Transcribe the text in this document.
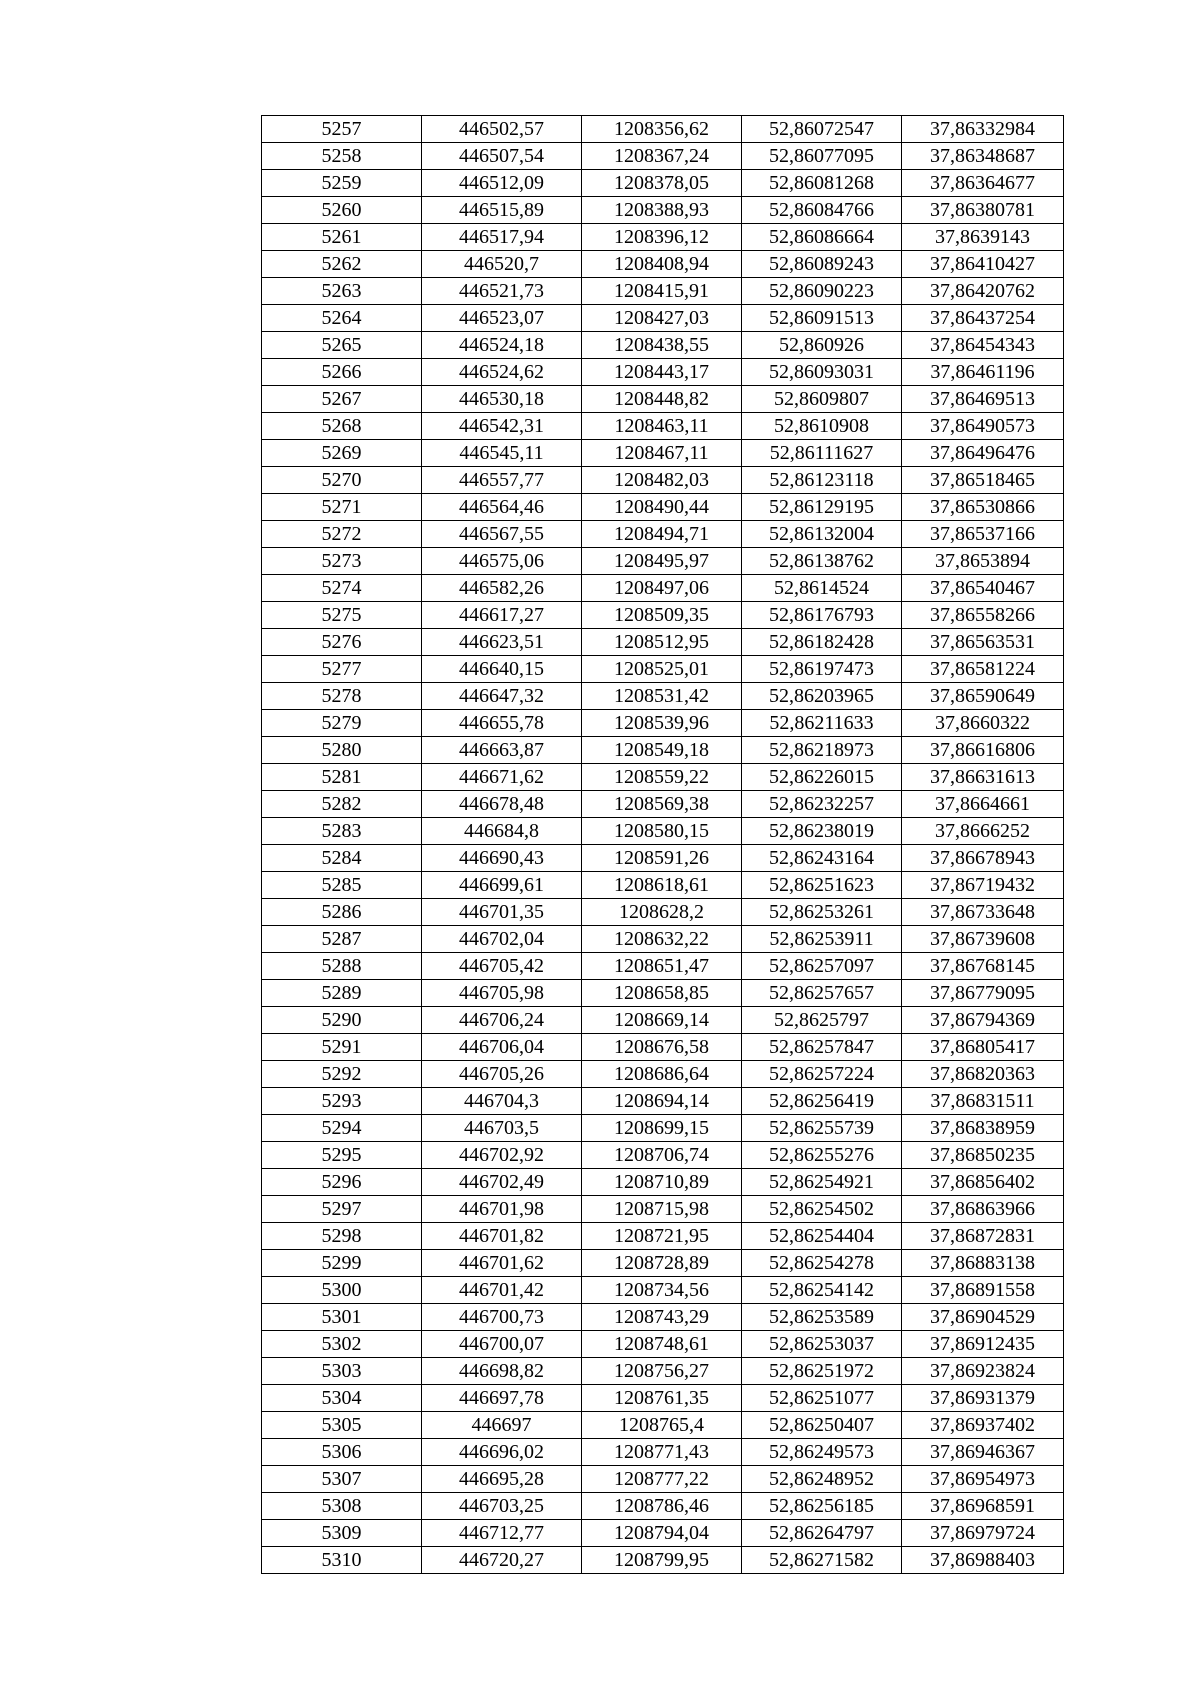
5257	446502,57	1208356,62	52,86072547	37,86332984
5258	446507,54	1208367,24	52,86077095	37,86348687
5259	446512,09	1208378,05	52,86081268	37,86364677
5260	446515,89	1208388,93	52,86084766	37,86380781
5261	446517,94	1208396,12	52,86086664	37,8639143
5262	446520,7	1208408,94	52,86089243	37,86410427
5263	446521,73	1208415,91	52,86090223	37,86420762
5264	446523,07	1208427,03	52,86091513	37,86437254
5265	446524,18	1208438,55	52,860926	37,86454343
5266	446524,62	1208443,17	52,86093031	37,86461196
5267	446530,18	1208448,82	52,8609807	37,86469513
5268	446542,31	1208463,11	52,8610908	37,86490573
5269	446545,11	1208467,11	52,86111627	37,86496476
5270	446557,77	1208482,03	52,86123118	37,86518465
5271	446564,46	1208490,44	52,86129195	37,86530866
5272	446567,55	1208494,71	52,86132004	37,86537166
5273	446575,06	1208495,97	52,86138762	37,8653894
5274	446582,26	1208497,06	52,8614524	37,86540467
5275	446617,27	1208509,35	52,86176793	37,86558266
5276	446623,51	1208512,95	52,86182428	37,86563531
5277	446640,15	1208525,01	52,86197473	37,86581224
5278	446647,32	1208531,42	52,86203965	37,86590649
5279	446655,78	1208539,96	52,86211633	37,8660322
5280	446663,87	1208549,18	52,86218973	37,86616806
5281	446671,62	1208559,22	52,86226015	37,86631613
5282	446678,48	1208569,38	52,86232257	37,8664661
5283	446684,8	1208580,15	52,86238019	37,8666252
5284	446690,43	1208591,26	52,86243164	37,86678943
5285	446699,61	1208618,61	52,86251623	37,86719432
5286	446701,35	1208628,2	52,86253261	37,86733648
5287	446702,04	1208632,22	52,86253911	37,86739608
5288	446705,42	1208651,47	52,86257097	37,86768145
5289	446705,98	1208658,85	52,86257657	37,86779095
5290	446706,24	1208669,14	52,8625797	37,86794369
5291	446706,04	1208676,58	52,86257847	37,86805417
5292	446705,26	1208686,64	52,86257224	37,86820363
5293	446704,3	1208694,14	52,86256419	37,86831511
5294	446703,5	1208699,15	52,86255739	37,86838959
5295	446702,92	1208706,74	52,86255276	37,86850235
5296	446702,49	1208710,89	52,86254921	37,86856402
5297	446701,98	1208715,98	52,86254502	37,86863966
5298	446701,82	1208721,95	52,86254404	37,86872831
5299	446701,62	1208728,89	52,86254278	37,86883138
5300	446701,42	1208734,56	52,86254142	37,86891558
5301	446700,73	1208743,29	52,86253589	37,86904529
5302	446700,07	1208748,61	52,86253037	37,86912435
5303	446698,82	1208756,27	52,86251972	37,86923824
5304	446697,78	1208761,35	52,86251077	37,86931379
5305	446697	1208765,4	52,86250407	37,86937402
5306	446696,02	1208771,43	52,86249573	37,86946367
5307	446695,28	1208777,22	52,86248952	37,86954973
5308	446703,25	1208786,46	52,86256185	37,86968591
5309	446712,77	1208794,04	52,86264797	37,86979724
5310	446720,27	1208799,95	52,86271582	37,86988403
